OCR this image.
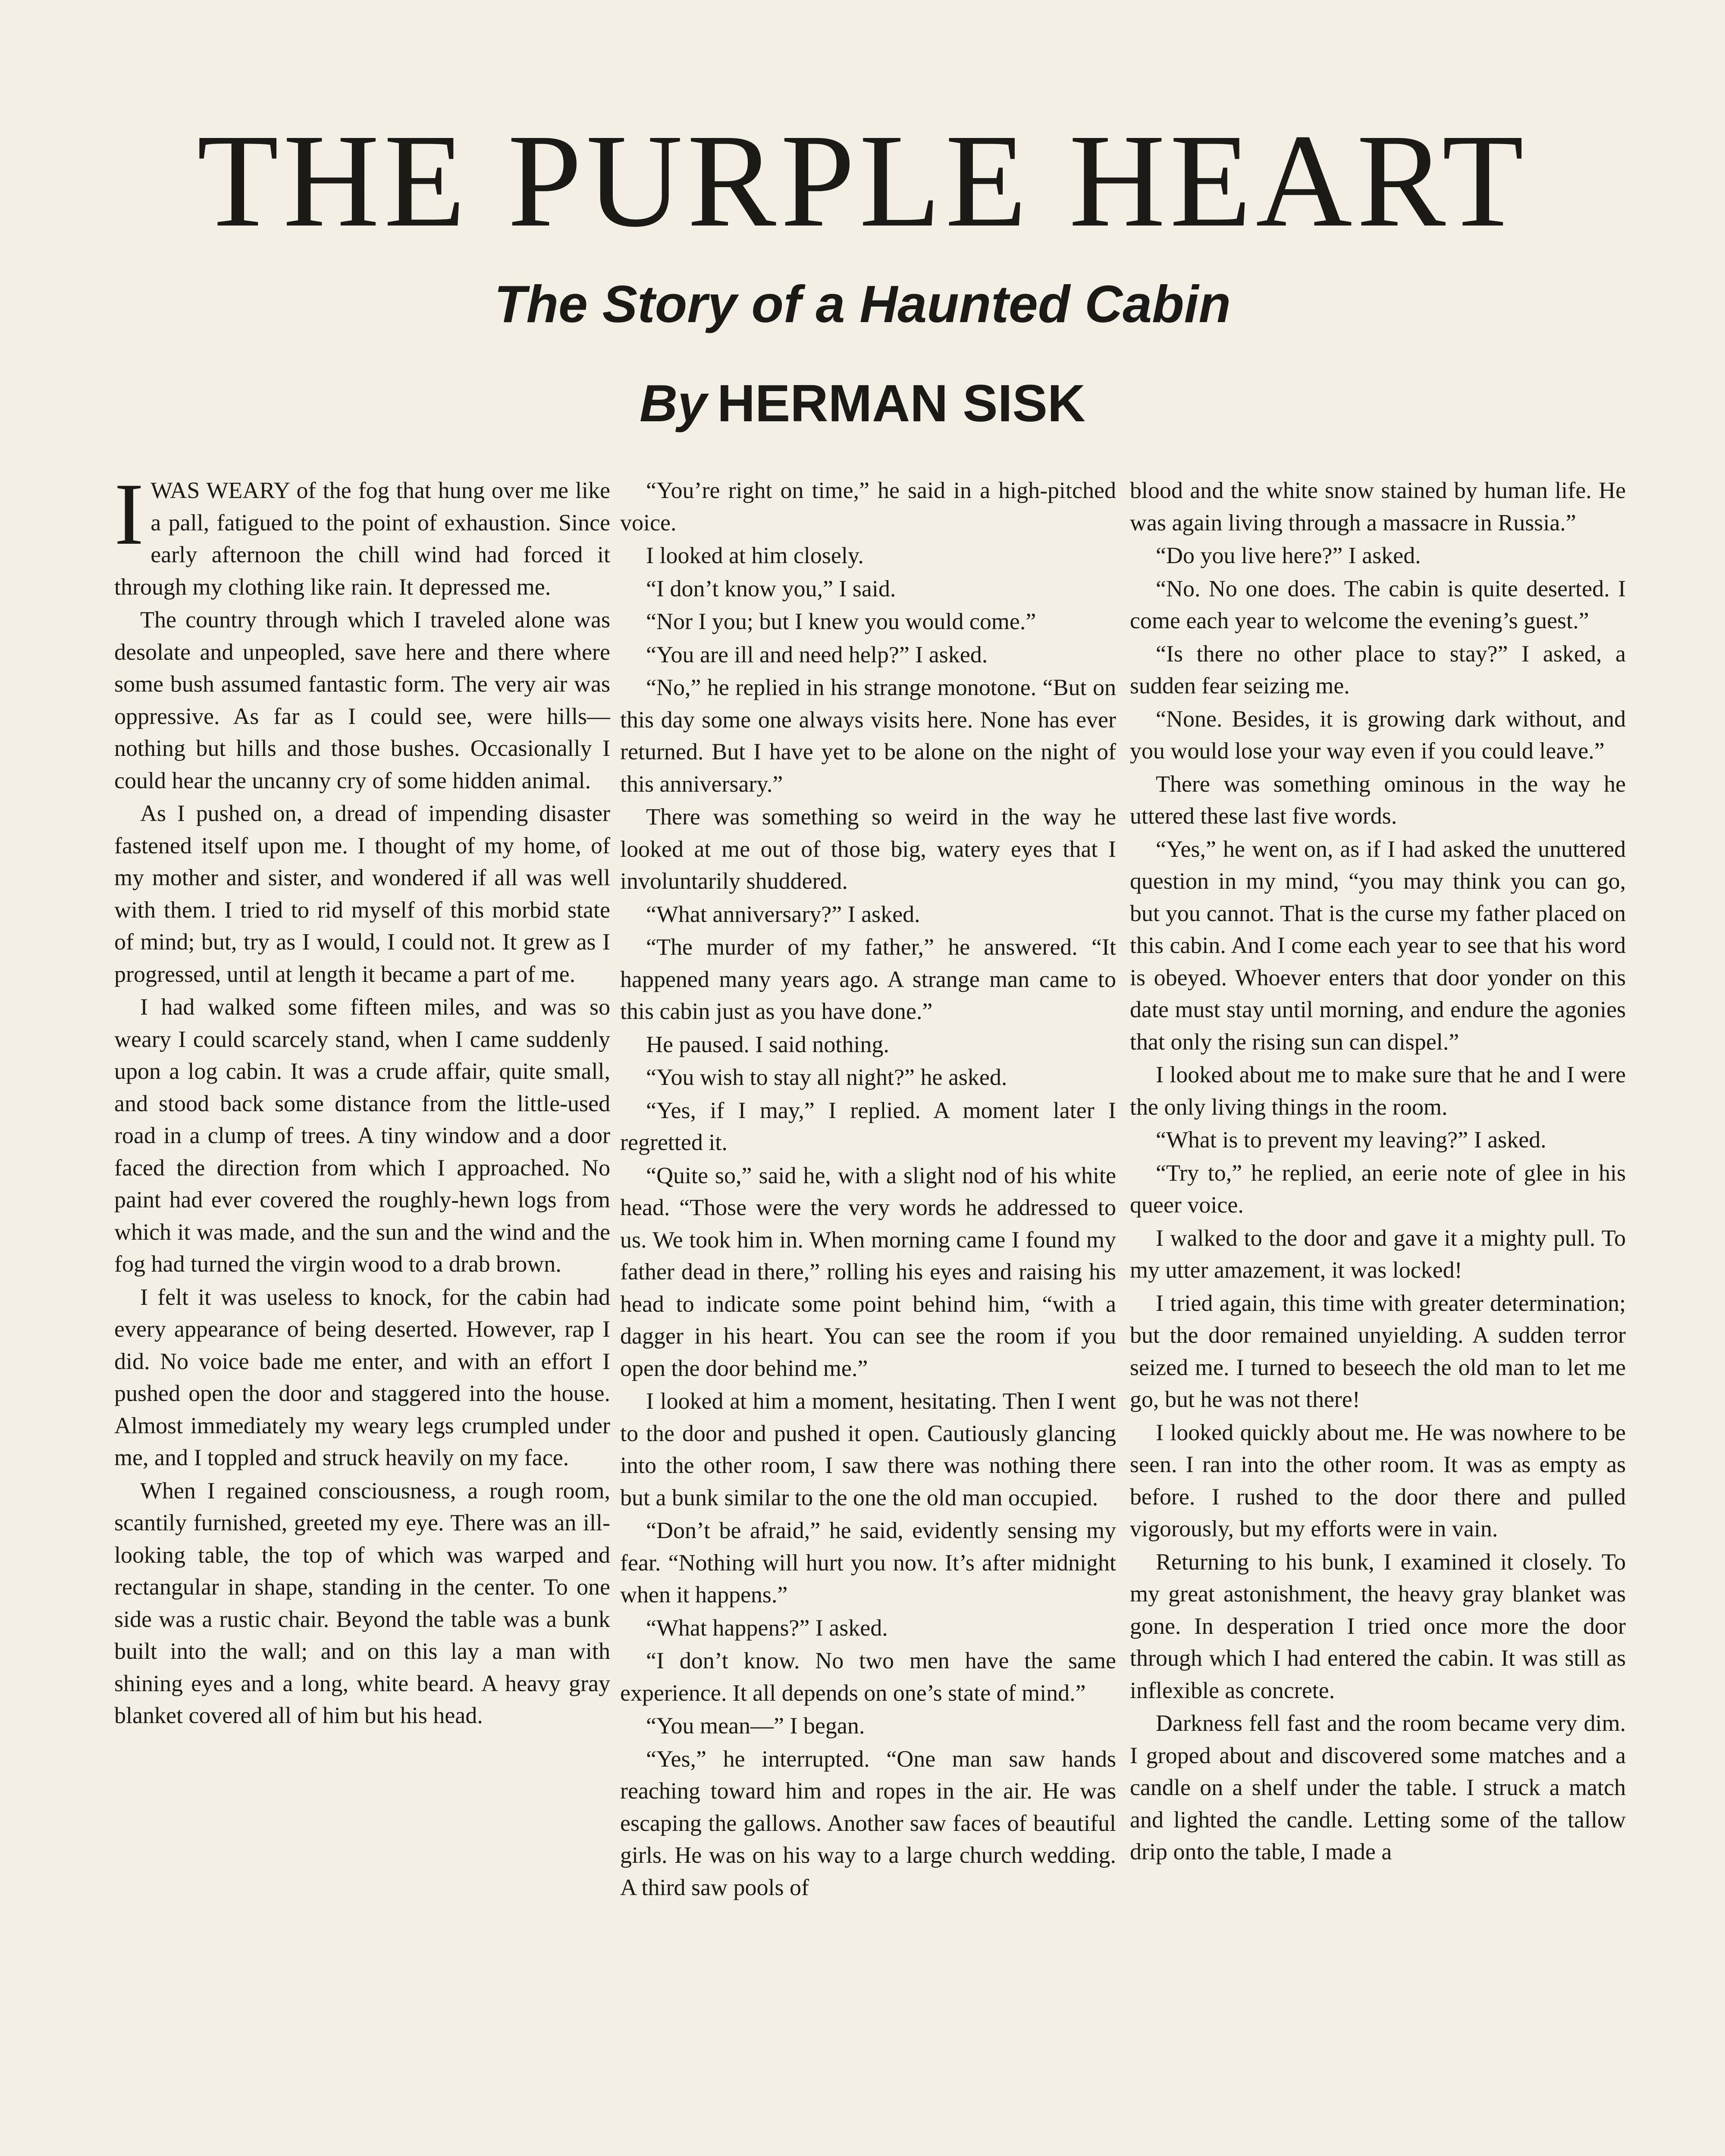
THE PURPLE HEART
The Story of a Haunted Cabin
By HERMAN SISK

IWAS WEARY of the fog that hung over me like a pall, fatigued to the point of exhaustion. Since early afternoon the chill wind had forced it through my clothing like rain. It depressed me.

The country through which I traveled alone was desolate and unpeopled, save here and there where some bush assumed fantastic form. The very air was oppressive. As far as I could see, were hills—nothing but hills and those bushes. Occasionally I could hear the uncanny cry of some hidden animal.

As I pushed on, a dread of impending disaster fastened itself upon me. I thought of my home, of my mother and sister, and wondered if all was well with them. I tried to rid myself of this morbid state of mind; but, try as I would, I could not. It grew as I progressed, until at length it became a part of me.

I had walked some fifteen miles, and was so weary I could scarcely stand, when I came suddenly upon a log cabin. It was a crude affair, quite small, and stood back some distance from the little-used road in a clump of trees. A tiny window and a door faced the direction from which I approached. No paint had ever covered the roughly-hewn logs from which it was made, and the sun and the wind and the fog had turned the virgin wood to a drab brown.

I felt it was useless to knock, for the cabin had every appearance of being deserted. However, rap I did. No voice bade me enter, and with an effort I pushed open the door and staggered into the house. Almost immediately my weary legs crumpled under me, and I toppled and struck heavily on my face.

When I regained consciousness, a rough room, scantily furnished, greeted my eye. There was an ill-looking table, the top of which was warped and rectangular in shape, standing in the center. To one side was a rustic chair. Beyond the table was a bunk built into the wall; and on this lay a man with shining eyes and a long, white beard. A heavy gray blanket covered all of him but his head.

“You’re right on time,” he said in a high-pitched voice.

I looked at him closely.

“I don’t know you,” I said.

“Nor I you; but I knew you would come.”

“You are ill and need help?” I asked.

“No,” he replied in his strange monotone. “But on this day some one always visits here. None has ever returned. But I have yet to be alone on the night of this anniversary.”

There was something so weird in the way he looked at me out of those big, watery eyes that I involuntarily shuddered.

“What anniversary?” I asked.

“The murder of my father,” he answered. “It happened many years ago. A strange man came to this cabin just as you have done.”

He paused. I said nothing.

“You wish to stay all night?” he asked.

“Yes, if I may,” I replied. A moment later I regretted it.

“Quite so,” said he, with a slight nod of his white head. “Those were the very words he addressed to us. We took him in. When morning came I found my father dead in there,” rolling his eyes and raising his head to indicate some point behind him, “with a dagger in his heart. You can see the room if you open the door behind me.”

I looked at him a moment, hesitating. Then I went to the door and pushed it open. Cautiously glancing into the other room, I saw there was nothing there but a bunk similar to the one the old man occupied.

“Don’t be afraid,” he said, evidently sensing my fear. “Nothing will hurt you now. It’s after midnight when it happens.”

“What happens?” I asked.

“I don’t know. No two men have the same experience. It all depends on one’s state of mind.”

“You mean—” I began.

“Yes,” he interrupted. “One man saw hands reaching toward him and ropes in the air. He was escaping the gallows. Another saw faces of beautiful girls. He was on his way to a large church wedding. A third saw pools of

blood and the white snow stained by human life. He was again living through a massacre in Russia.”

“Do you live here?” I asked.

“No. No one does. The cabin is quite deserted. I come each year to welcome the evening’s guest.”

“Is there no other place to stay?” I asked, a sudden fear seizing me.

“None. Besides, it is growing dark without, and you would lose your way even if you could leave.”

There was something ominous in the way he uttered these last five words.

“Yes,” he went on, as if I had asked the unuttered question in my mind, “you may think you can go, but you cannot. That is the curse my father placed on this cabin. And I come each year to see that his word is obeyed. Whoever enters that door yonder on this date must stay until morning, and endure the agonies that only the rising sun can dispel.”

I looked about me to make sure that he and I were the only living things in the room.

“What is to prevent my leaving?” I asked.

“Try to,” he replied, an eerie note of glee in his queer voice.

I walked to the door and gave it a mighty pull. To my utter amazement, it was locked!

I tried again, this time with greater determination; but the door remained unyielding. A sudden terror seized me. I turned to beseech the old man to let me go, but he was not there!

I looked quickly about me. He was nowhere to be seen. I ran into the other room. It was as empty as before. I rushed to the door there and pulled vigorously, but my efforts were in vain.

Returning to his bunk, I examined it closely. To my great astonishment, the heavy gray blanket was gone. In desperation I tried once more the door through which I had entered the cabin. It was still as inflexible as concrete.

Darkness fell fast and the room became very dim. I groped about and discovered some matches and a candle on a shelf under the table. I struck a match and lighted the candle. Letting some of the tallow drip onto the table, I made a
